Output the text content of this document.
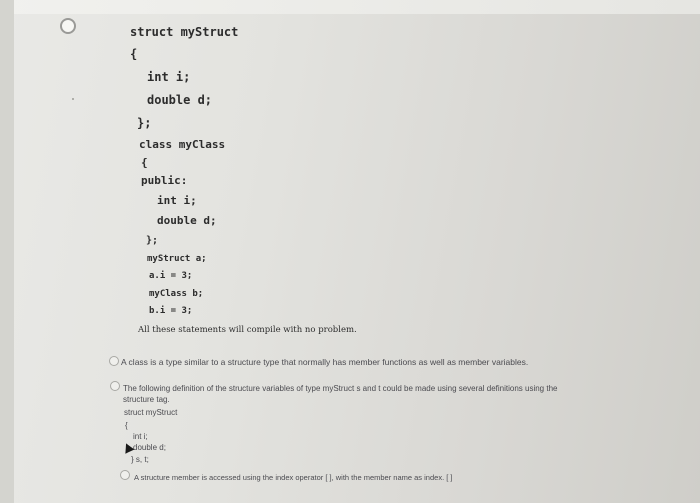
struct myStruct
{
int i;
double d;
};
class myClass
{
public:
int i;
double d;
};
myStruct a;
a.i = 3;
myClass b;
b.i = 3;
All these statements will compile with no problem.
A class is a type similar to a structure type that normally has member functions as well as member variables.
The following definition of the structure variables of type myStruct s and t could be made using several definitions using the
structure tag.
struct myStruct
{
int i;
double d;
} s, t;
A structure member is accessed using the index operator [ ], with the member name as index. [ ]
